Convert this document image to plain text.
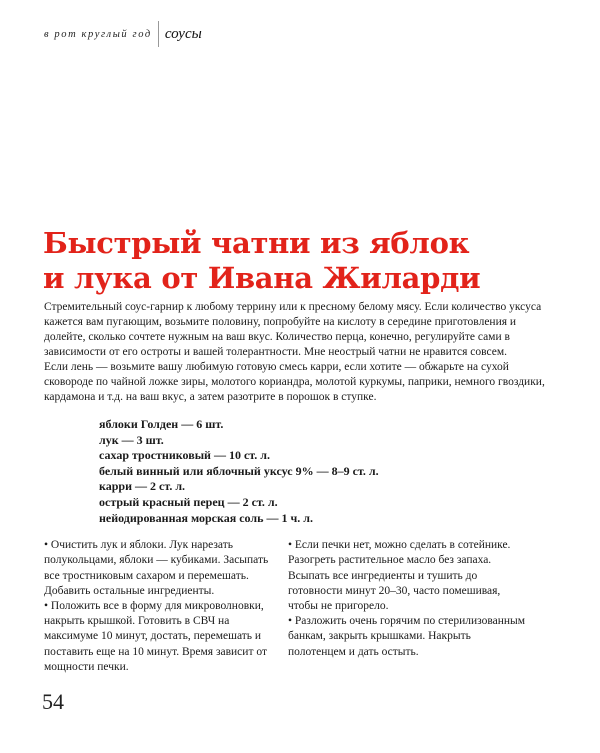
в рот круглый год соусы
Быстрый чатни из яблок
и лука от Ивана Жиларди

Стремительный соус-гарнир к любому террину или к пресному белому мясу. Если количество уксуса кажется вам пугающим, возьмите половину, попробуйте на кислоту в середине приготовления и долейте, сколько сочтете нужным на ваш вкус. Количество перца, конечно, регулируйте сами в зависимости от его остроты и вашей толерантности. Мне неострый чатни не нравится совсем.

Если лень — возьмите вашу любимую готовую смесь карри, если хотите — обжарьте на сухой сковороде по чайной ложке зиры, молотого кориандра, молотой куркумы, паприки, немного гвоздики, кардамона и т.д. на ваш вкус, а затем разотрите в порошок в ступке.

яблоки Голден — 6 шт.
лук — 3 шт.
сахар тростниковый — 10 ст. л.
белый винный или яблочный уксус 9% — 8–9 ст. л.
карри — 2 ст. л.
острый красный перец — 2 ст. л.
нейодированная морская соль — 1 ч. л.

• Очистить лук и яблоки. Лук нарезать полукольцами, яблоки — кубиками. Засыпать все тростниковым сахаром и перемешать. Добавить остальные ингредиенты.

• Положить все в форму для микроволновки, накрыть крышкой. Готовить в СВЧ на максимуме 10 минут, достать, перемешать и поставить еще на 10 минут. Время зависит от мощности печки.

• Если печки нет, можно сделать в сотейнике. Разогреть растительное масло без запаха. Всыпать все ингредиенты и тушить до готовности минут 20–30, часто помешивая, чтобы не пригорело.

• Разложить очень горячим по стерилизованным банкам, закрыть крышками. Накрыть полотенцем и дать остыть.

54
